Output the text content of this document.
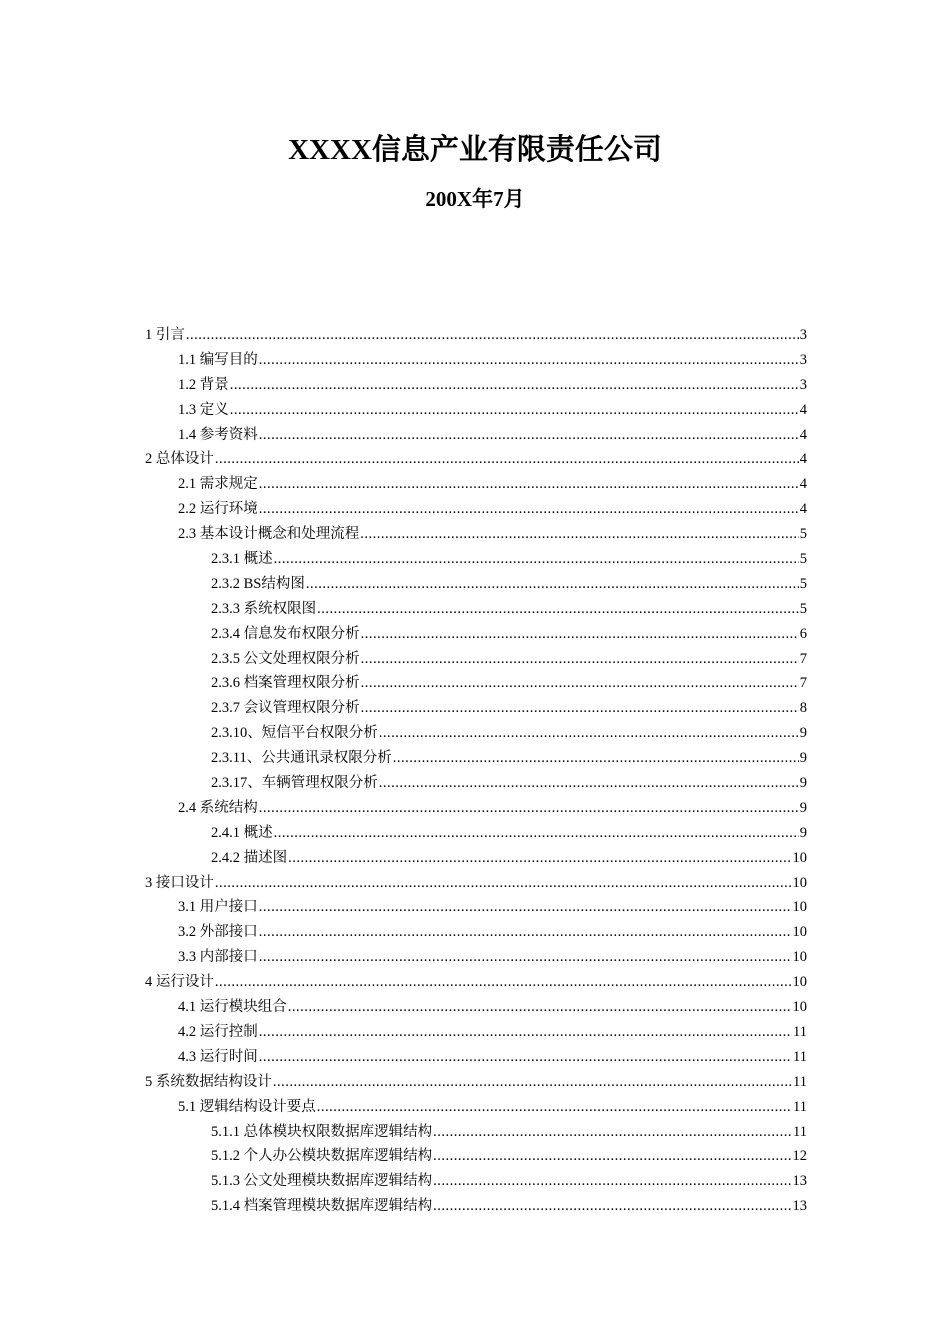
XXXX信息产业有限责任公司
200X年7月
1 引言 .....	3
1.1 编写目的 .....	3
1.2 背景 .....	3
1.3 定义 .....	4
1.4 参考资料 .....	4
2 总体设计 .....	4
2.1 需求规定 .....	4
2.2 运行环境 .....	4
2.3 基本设计概念和处理流程 .....	5
2.3.1 概述 .....	5
2.3.2 BS结构图 .....	5
2.3.3 系统权限图 .....	5
2.3.4 信息发布权限分析 .....	6
2.3.5 公文处理权限分析 .....	7
2.3.6 档案管理权限分析 .....	7
2.3.7 会议管理权限分析 .....	8
2.3.10、短信平台权限分析 .....	9
2.3.11、公共通讯录权限分析 .....	9
2.3.17、车辆管理权限分析 .....	9
2.4 系统结构 .....	9
2.4.1 概述 .....	9
2.4.2 描述图 .....	10
3 接口设计 .....	10
3.1 用户接口 .....	10
3.2 外部接口 .....	10
3.3 内部接口 .....	10
4 运行设计 .....	10
4.1 运行模块组合 .....	10
4.2 运行控制 .....	11
4.3 运行时间 .....	11
5 系统数据结构设计 .....	11
5.1 逻辑结构设计要点 .....	11
5.1.1 总体模块权限数据库逻辑结构 .....	11
5.1.2 个人办公模块数据库逻辑结构 .....	12
5.1.3 公文处理模块数据库逻辑结构 .....	13
5.1.4 档案管理模块数据库逻辑结构 .....	13
